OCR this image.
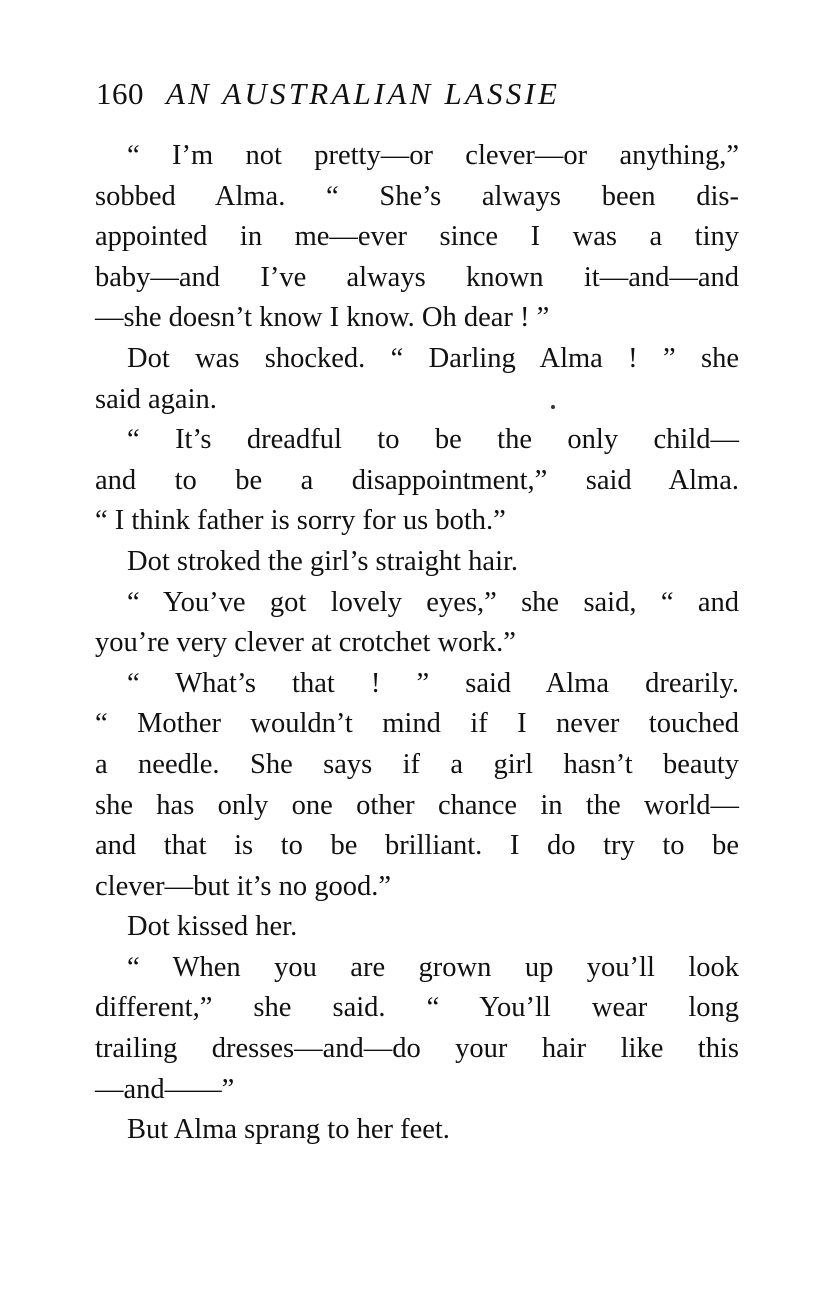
160 AN AUSTRALIAN LASSIE
“ I’m not pretty—or clever—or anything,”
sobbed Alma. “ She’s always been dis-
appointed in me—ever since I was a tiny
baby—and I’ve always known it—and—and
—she doesn’t know I know. Oh dear ! ”
Dot was shocked. “ Darling Alma ! ” she
said again.
“ It’s dreadful to be the only child—
and to be a disappointment,” said Alma.
“ I think father is sorry for us both.”
Dot stroked the girl’s straight hair.
“ You’ve got lovely eyes,” she said, “ and
you’re very clever at crotchet work.”
“ What’s that ! ” said Alma drearily.
“ Mother wouldn’t mind if I never touched
a needle. She says if a girl hasn’t beauty
she has only one other chance in the world—
and that is to be brilliant. I do try to be
clever—but it’s no good.”
Dot kissed her.
“ When you are grown up you’ll look
different,” she said. “ You’ll wear long
trailing dresses—and—do your hair like this
—and——”
But Alma sprang to her feet.
